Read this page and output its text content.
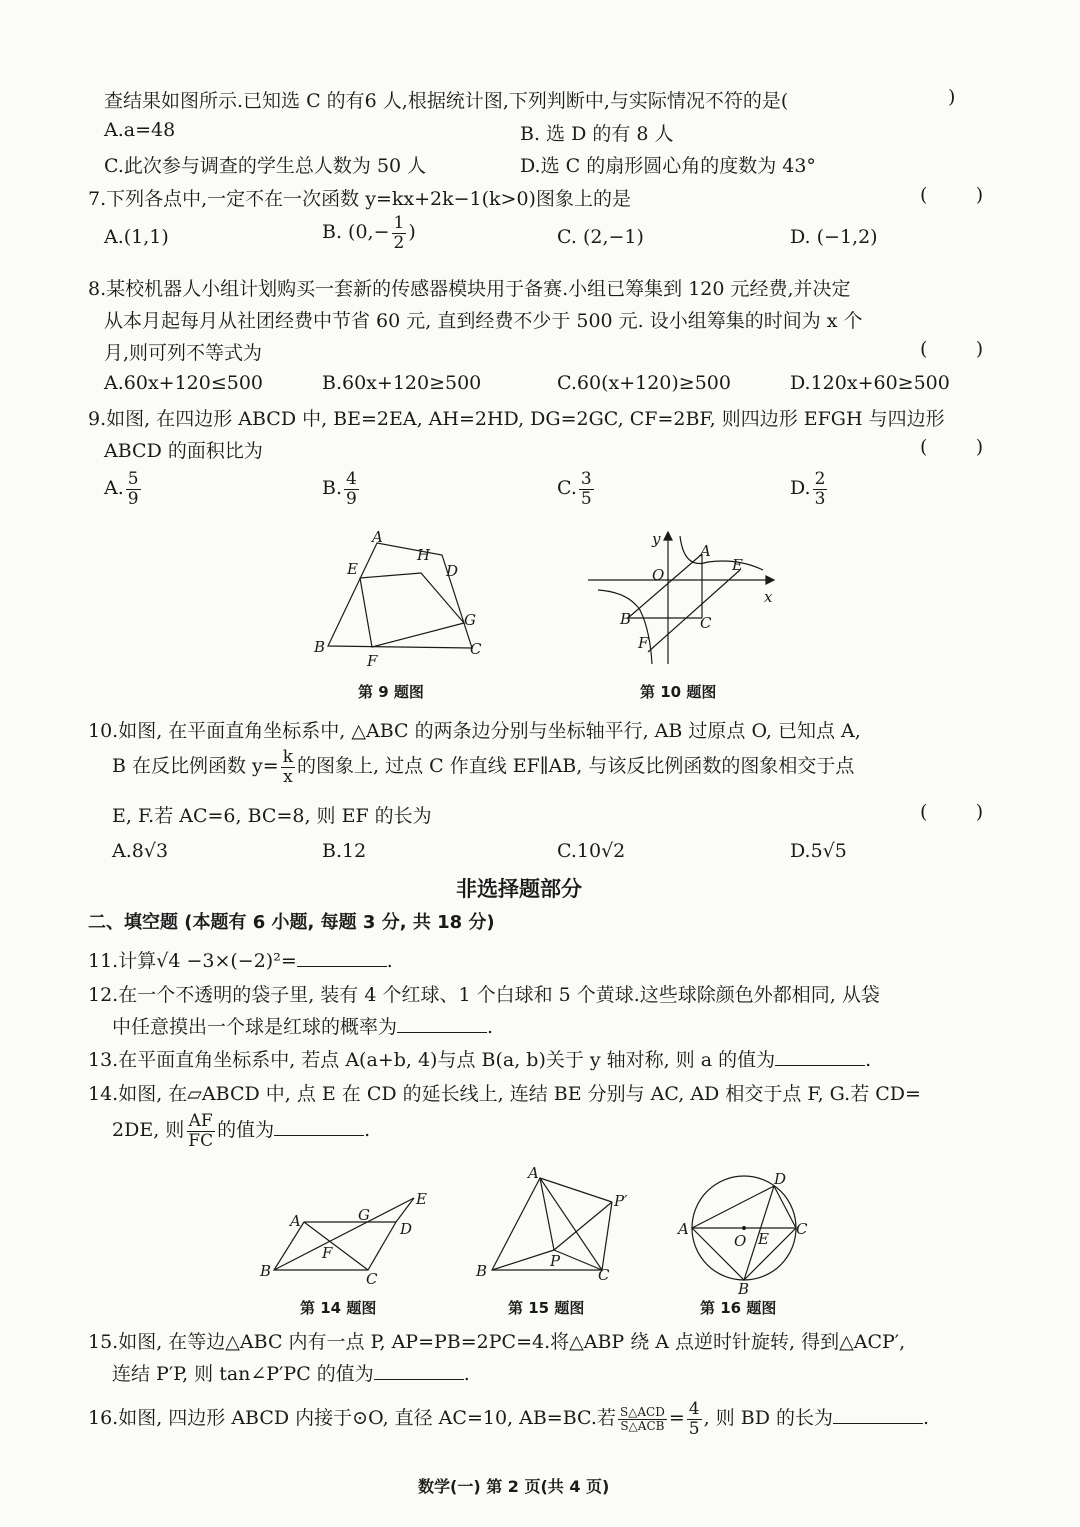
查结果如图所示.已知选 C 的有6 人,根据统计图,下列判断中,与实际情况不符的是(	)
A.a=48	B. 选 D 的有 8 人
C.此次参与调查的学生总人数为 50 人	D.选 C 的扇形圆心角的度数为 43°
7.下列各点中,一定不在一次函数 y=kx+2k−1(k>0)图象上的是	(        )
A.(1,1)	B. ($0,- \frac{1}{2}$ )	C. (2,−1)	D. (−1,2)
8.某校机器人小组计划购买一套新的传感器模块用于备赛.小组已筹集到 120 元经费,并决定
从本月起每月从社团经费中节省 60 元, 直到经费不少于 500 元. 设小组筹集的时间为 x 个
月,则可列不等式为	(        )
A.60x+120≤500	B.60x+120≥500	C.60(x+120)≥500	D.120x+60≥500
9.如图, 在四边形 ABCD 中, BE=2EA, AH=2HD, DG=2GC, CF=2BF, 则四边形 EFGH 与四边形
ABCD 的面积比为	(        )
A. $\frac{5}{9}$	B. $\frac{4}{9}$	C. $\frac{3}{5}$	D. $\frac{2}{3}$
A
H
E	D
G
B
F
C
第 9 题图
y
A
O
E
x
B	C
F
第 10 题图
10.如图, 在平面直角坐标系中, △ABC 的两条边分别与坐标轴平行, AB 过原点 O, 已知点 A,
B 在反比例函数 $y= \frac{k}{x}$ 的图象上, 过点 C 作直线 EF∥AB, 与该反比例函数的图象相交于点
E, F.若 AC=6, BC=8, 则 EF 的长为	(        )
A.8√3	B.12	C.10√2	D.5√5
非选择题部分
二、填空题 (本题有 6 小题, 每题 3 分, 共 18 分)
11.计算√4 −3×(−2)²=	.
12.在一个不透明的袋子里, 装有 4 个红球、1 个白球和 5 个黄球.这些球除颜色外都相同, 从袋
中任意摸出一个球是红球的概率为	.
13.在平面直角坐标系中, 若点 A(a+b, 4)与点 B(a, b)关于 y 轴对称, 则 a 的值为	.
14.如图, 在▱ABCD 中, 点 E 在 CD 的延长线上, 连结 BE 分别与 AC, AD 相交于点 F, G.若 CD=
2DE, 则 $\frac{AF}{FC}$ 的值为	.
A	G
E
D
F
B	C
第 14 题图
A
P′
P
B	C
第 15 题图
D
A
O E
C
B
第 16 题图
15.如图, 在等边△ABC 内有一点 P, AP=PB=2PC=4.将△ABP 绕 A 点逆时针旋转, 得到△ACP′,
连结 P′P, 则 tan∠P′PC 的值为	.
16.如图, 四边形 ABCD 内接于⊙O, 直径 AC=10, AB=BC.若 $\frac{\text{S△ACD}}{\text{S△ACB}} = \frac{4}{5}$ , 则 BD 的长为	.
数学(一) 第 2 页(共 4 页)
